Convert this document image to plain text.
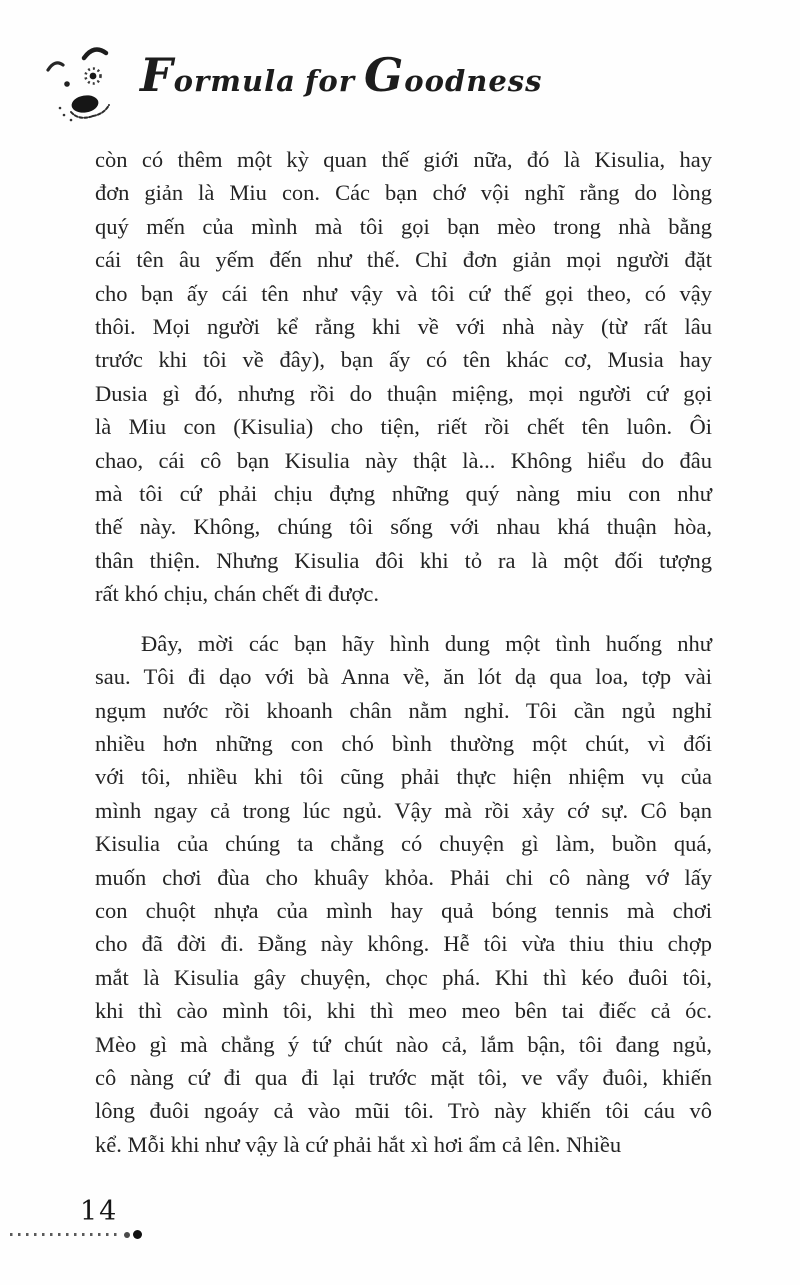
Formula for Goodness

còn có thêm một kỳ quan thế giới nữa, đó là Kisulia, hay
đơn giản là Miu con. Các bạn chớ vội nghĩ rằng do lòng
quý mến của mình mà tôi gọi bạn mèo trong nhà bằng
cái tên âu yếm đến như thế. Chỉ đơn giản mọi người đặt
cho bạn ấy cái tên như vậy và tôi cứ thế gọi theo, có vậy
thôi. Mọi người kể rằng khi về với nhà này (từ rất lâu
trước khi tôi về đây), bạn ấy có tên khác cơ, Musia hay
Dusia gì đó, nhưng rồi do thuận miệng, mọi người cứ gọi
là Miu con (Kisulia) cho tiện, riết rồi chết tên luôn. Ôi
chao, cái cô bạn Kisulia này thật là... Không hiểu do đâu
mà tôi cứ phải chịu đựng những quý nàng miu con như
thế này. Không, chúng tôi sống với nhau khá thuận hòa,
thân thiện. Nhưng Kisulia đôi khi tỏ ra là một đối tượng
rất khó chịu, chán chết đi được.

Đây, mời các bạn hãy hình dung một tình huống như
sau. Tôi đi dạo với bà Anna về, ăn lót dạ qua loa, tợp vài
ngụm nước rồi khoanh chân nằm nghỉ. Tôi cần ngủ nghỉ
nhiều hơn những con chó bình thường một chút, vì đối
với tôi, nhiều khi tôi cũng phải thực hiện nhiệm vụ của
mình ngay cả trong lúc ngủ. Vậy mà rồi xảy cớ sự. Cô bạn
Kisulia của chúng ta chẳng có chuyện gì làm, buồn quá,
muốn chơi đùa cho khuây khỏa. Phải chi cô nàng vớ lấy
con chuột nhựa của mình hay quả bóng tennis mà chơi
cho đã đời đi. Đằng này không. Hễ tôi vừa thiu thiu chợp
mắt là Kisulia gây chuyện, chọc phá. Khi thì kéo đuôi tôi,
khi thì cào mình tôi, khi thì meo meo bên tai điếc cả óc.
Mèo gì mà chẳng ý tứ chút nào cả, lắm bận, tôi đang ngủ,
cô nàng cứ đi qua đi lại trước mặt tôi, ve vẩy đuôi, khiến
lông đuôi ngoáy cả vào mũi tôi. Trò này khiến tôi cáu vô
kể. Mỗi khi như vậy là cứ phải hắt xì hơi ẩm cả lên. Nhiều

14
